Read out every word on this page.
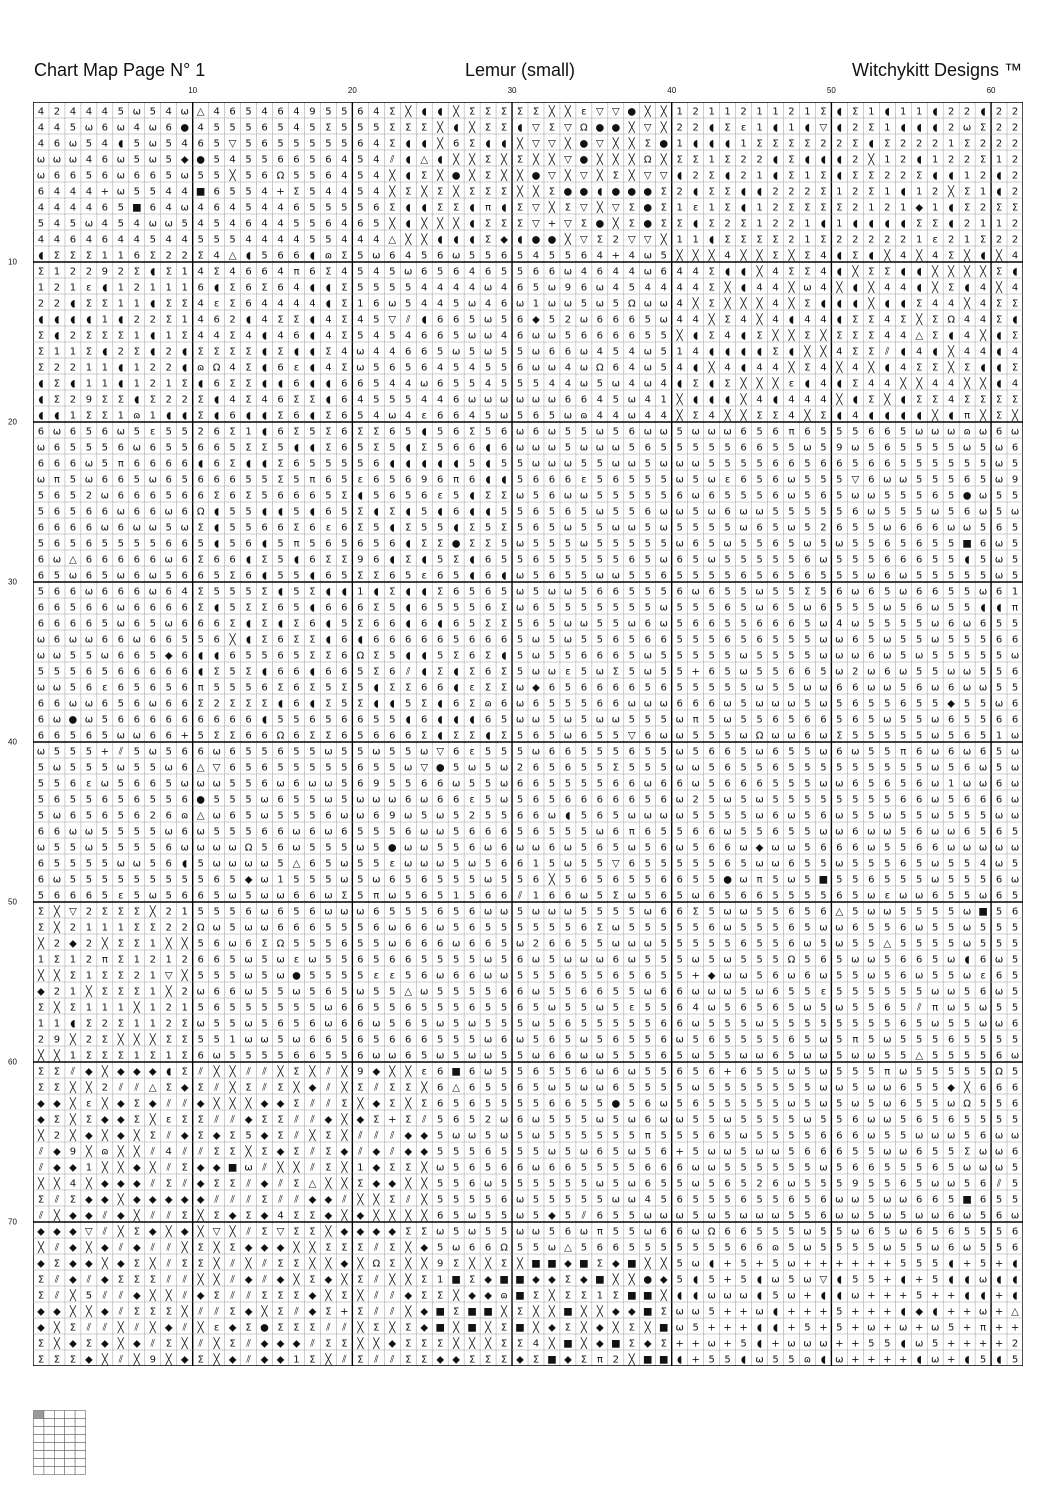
Chart Map Page N° 1	Lemur (small)	Witchykitt Designs ™
10	20	30	40	50	60
10
20
30
40
50
60
70
4 2 4 4 4 5 ω 5 4 ω △ 4 6 5 4 6 4 9 5 5 6 4 Σ ╳ ◖ ◖ ╳ Σ Σ Σ Σ Σ ╳ ╳ ɛ ▽ ▽ ● ╳ ╳ 1 2 1 1 2 1 1 2 1 Σ ◖ Σ 1 ◖ 1 1 ◖ 2 2 ◖ 2 2
4 4 5 ω 6 ω 4 ω 6 ● 4 5 5 5 6 5 4 5 Σ 5 5 5 Σ Σ Σ ╳ ◖ ╳ Σ Σ ◖ ▽ Σ ▽ Ω ● ● ╳ ▽ ╳ 2 2 ◖ Σ ε 1 ◖ 1 ◖ ▽ ◖ 2 Σ 1 ◖ ◖ ◖ 2 ω Σ 2 2
4 6 ω 5 4 ◖ 5 ω 5 4 6 5 ▽ 5 6 5 5 5 5 5 6 4 Σ ◖ ◖ ╳ 6 Σ ◖ ◖ ╳ ▽ ▽ ╳ ● ▽ ╳ ╳ Σ ● 1 ◖ ◖ ◖ 1 Σ Σ Σ Σ 2 2 Σ ◖ Σ 2 2 2 1 Σ 2 2 2
ω ω ω 4 6 ω 5 ω 5 ◆ ● 5 4 5 5 6 6 5 6 4 5 4 ⫽ ◖ △ ◖ ╳ ╳ Σ ╳ Σ ╳ ╳ ▽ ● ╳ ╳ ╳ Ω ╳ Σ Σ 1 Σ 2 2 ◖ Σ ◖ ◖ ◖ 2 ╳ 1 2 ◖ 1 2 2 Σ 1 2
ω 6 6 5 6 ω 6 6 5 ω 5 5 ╳ 5 6 Ω 5 5 6 4 5 4 ╳ ◖ Σ ╳ ● ╳ Σ ╳ ╳ ● ▽ ╳ ▽ ╳ Σ ╳ ▽ ▽ ◖ 2 Σ ◖ 2 1 ◖ Σ 1 Σ ◖ Σ Σ 2 2 Σ ◖ ◖ 1 2 ◖ 2
6 4 4 4 + ω 5 5 4 4 ■ 6 5 5 4 + Σ 5 4 4 5 4 ╳ Σ ╳ Σ ╳ Σ Σ Σ ╳ ╳ Σ ● ● ◖ ● ● ● Σ 2 ◖ Σ Σ ◖ ◖ 2 2 2 Σ 1 2 Σ 1 ◖ 1 2 ╳ Σ 1 ◖ 2
4 4 4 4 6 5 ■ 6 4 ω 4 6 4 5 4 4 6 5 5 5 5 6 Σ ◖ ◖ Σ Σ ◖ π ◖ Σ ▽ ╳ Σ ▽ ╳ ▽ Σ ● Σ 1 ɛ 1 Σ ◖ 1 2 Σ Σ Σ Σ 2 1 2 1 ◆ 1 ◖ Σ 2 Σ Σ
5 4 5 ω 4 5 4 ω ω 5 4 5 4 6 4 4 5 5 6 4 6 5 ╳ ◖ ╳ ╳ ╳ ◖ Σ Σ Σ ▽ + ▽ Σ ● ╳ Σ ● Σ Σ ◖ Σ 2 Σ 1 2 2 1 ◖ 1 ◖ ◖ ◖ ◖ Σ Σ ◖ 2 1 1 2
4 4 6 4 6 4 4 5 4 4 5 5 5 4 4 4 4 5 5 4 4 4 △ ╳ ╳ ◖ ◖ ◖ Σ ◆ ◖ ● ● ╳ ▽ Σ 2 ▽ ▽ ╳ 1 1 ◖ Σ Σ Σ Σ 2 1 Σ 2 2 2 2 2 1 ɛ 2 1 Σ 2 2
◖ Σ Σ Σ 1 1 6 Σ 2 2 Σ 4 △ ◖ 5 6 6 ◖ ɷ Σ 5 ω 6 4 5 6 ω 5 5 6 5 4 5 5 6 4 + 4 ω 5 ╳ ╳ ╳ 4 ╳ ╳ Σ ╳ Σ 4 ◖ Σ ◖ ╳ 4 ╳ 4 Σ ╳ ◖ ╳ 4
Σ 1 2 2 9 2 Σ ◖ Σ 1 4 Σ 4 6 6 4 π 6 Σ 4 5 4 5 ω 6 5 6 4 6 5 5 6 6 ω 4 6 4 4 ω 6 4 4 Σ ◖ ◖ ╳ 4 Σ Σ 4 ◖ ╳ Σ Σ ◖ ◖ ╳ ╳ ╳ ╳ Σ ◖
1 2 1 ɛ ◖ 1 2 1 1 1 6 ◖ Σ 6 Σ 6 4 ◖ ◖ Σ 5 5 5 5 4 4 4 4 ω 4 6 5 ω 9 6 ω 4 5 4 4 4 4 Σ ╳ ◖ 4 4 ╳ ω 4 ╳ ◖ ╳ 4 4 ◖ ╳ Σ ◖ 4 ╳ 4
2 2 ◖ Σ Σ 1 1 ◖ Σ Σ 4 ε Σ 6 4 4 4 4 ◖ Σ 1 6 ω 5 4 4 5 ω 4 6 ω 1 ω ω 5 ω 5 Ω ω ω 4 ╳ Σ ╳ ╳ ╳ 4 ╳ Σ ◖ ◖ ◖ ╳ ◖ ◖ Σ 4 4 ╳ 4 Σ Σ
◖ ◖ ◖ ◖ 1 ◖ 2 2 Σ 1 4 6 2 ◖ 4 Σ Σ ◖ 4 Σ 4 5 ▽ ⫽ ◖ 6 6 5 ω 5 6 ◆ 5 2 ω 6 6 6 5 ω 4 4 ╳ Σ 4 ╳ 4 ◖ 4 4 ◖ Σ Σ 4 Σ ╳ Σ Ω 4 4 Σ ◖
Σ ◖ 2 Σ Σ Σ 1 ◖ 1 Σ 4 4 Σ 4 ◖ 4 6 ◖ 4 Σ 5 4 5 4 6 6 5 ω ω 4 6 ω ω 5 6 6 6 6 5 5 ╳ ◖ Σ 4 ◖ Σ ╳ ╳ Σ ╳ Σ Σ Σ 4 4 △ Σ ◖ 4 ╳ ◖ Σ
Σ 1 1 Σ ◖ 2 Σ ◖ 2 ◖ Σ Σ Σ Σ ◖ Σ ◖ ◖ Σ 4 ω 4 4 6 6 5 ω 5 ω 5 5 ω 6 6 ω 4 5 4 ω 5 1 4 ◖ ◖ ◖ ◖ Σ ◖ ╳ ╳ 4 Σ Σ ⫽ ◖ 4 ◖ ╳ 4 4 ◖ 4
Σ 2 2 1 1 ◖ 1 2 2 ◖ ɷ Ω 4 Σ ◖ 6 ɛ ◖ 4 Σ ω 5 6 5 6 4 5 4 5 5 6 ω ω 4 ω Ω 6 4 ω 5 4 ◖ ╳ 4 ◖ 4 4 ╳ Σ 4 ╳ 4 ╳ ◖ 4 Σ Σ ╳ Σ ◖ ◖ Σ
◖ Σ ◖ 1 1 ◖ 1 2 1 Σ ◖ 6 Σ Σ ◖ ◖ 6 ◖ ◖ 6 6 5 4 4 ω 6 5 5 4 5 5 5 4 4 ω 5 ω 4 ω 4 ◖ Σ ◖ Σ ╳ ╳ ╳ ɛ ◖ 4 ◖ Σ 4 4 ╳ ╳ 4 4 ╳ ╳ ◖ 4
◖ Σ 2 9 Σ Σ ◖ Σ 2 2 Σ ◖ 4 Σ 4 6 Σ Σ ◖ 6 4 5 5 5 4 4 6 ω ω ω ω ω ω 6 6 4 5 ω 4 1 ╳ ◖ ◖ ◖ ╳ 4 ◖ 4 4 4 ╳ ◖ Σ ╳ ◖ Σ Σ 4 Σ Σ Σ Σ
◖ ◖ 1 Σ Σ 1 ɷ 1 ◖ ◖ Σ ◖ 6 ◖ ◖ Σ 6 ◖ Σ 6 5 4 ω 4 ε 6 6 4 5 ω 5 6 5 ω ɷ 4 4 ω 4 4 ╳ Σ 4 ╳ ╳ Σ Σ 4 ╳ Σ ◖ 4 ◖ ◖ ◖ ◖ ╳ ◖ π ╳ Σ ╳
6 ω 6 5 6 ω 5 ɛ 5 5 2 6 Σ 1 ◖ 6 Σ 5 Σ 6 Σ Σ 6 5 ◖ 5 6 Σ 5 6 ω 6 ω 5 5 ω 5 6 ω ω 5 ω ω ω 6 5 6 π 6 5 5 5 6 6 5 ω ω ω ɷ ω 6 ω
ω 6 5 5 5 6 ω 6 5 5 6 6 5 Σ Σ 5 ◖ ◖ Σ 6 5 Σ 5 ◖ Σ 5 6 6 ◖ 6 ω ω ω 5 ω ω ω 5 6 5 5 5 5 5 6 6 5 5 ω 5 9 ω 5 6 5 5 5 5 ω 5 ω 6
6 6 6 ω 5 π 6 6 6 6 ◖ 6 Σ ◖ ◖ Σ 6 5 5 5 5 6 ◖ ◖ ◖ ◖ ◖ 5 ◖ 5 5 ω ω ω 5 5 ω ω 5 ω ω ω 5 5 5 5 6 6 5 6 6 5 6 6 5 5 5 5 5 5 ω 5
ω π 5 ω 6 6 5 ω 6 5 6 6 6 5 5 Σ 5 π 6 5 ε 6 5 6 9 6 π 6 ◖ ◖ 5 6 6 6 ɛ 5 6 5 5 5 ω 5 ω ε 6 5 6 ω 5 5 5 ▽ 6 ω ω 5 5 5 6 5 ω 9
5 6 5 2 ω 6 6 6 5 6 6 Σ 6 Σ 5 6 6 6 5 Σ ◖ 5 6 5 6 ε 5 ◖ Σ Σ ω 5 6 ω ω 5 5 5 5 5 6 ω 6 5 5 5 6 ω 5 6 5 ω ω 5 5 5 6 5 ● ω 5 5
5 6 5 6 6 ω 6 6 ω 6 Ω ◖ 5 5 ◖ ◖ 5 ◖ 6 5 Σ ◖ Σ ◖ 5 ◖ 6 ◖ ◖ 5 5 6 5 6 5 ω 5 5 6 ω ω 5 ω 6 ω ω 5 5 5 5 5 6 ω 5 5 5 ω 5 6 ω 5 ω
6 6 6 6 ω 6 ω ω 5 ω Σ ◖ 5 5 6 6 Σ 6 ε 6 Σ 5 ◖ Σ 5 5 ◖ Σ 5 Σ 5 6 5 ω 5 5 ω ω 5 ω 5 5 5 5 ω 6 5 ω 5 2 6 5 5 ω 6 6 6 ω ω 5 6 5
5 6 5 6 5 5 5 5 6 6 5 ◖ 5 6 ◖ 5 π 5 6 5 6 5 6 ◖ Σ Σ ● Σ Σ 5 ω 5 5 5 ω 5 5 5 5 5 ω 6 5 ω 5 5 6 5 ω 5 ω 5 5 6 5 6 5 5 ■ 6 ω 5
6 ω △ 6 6 6 6 6 ω 6 Σ 6 6 ◖ Σ 5 ◖ 6 Σ Σ 9 6 ◖ Σ ◖ 5 Σ ◖ 6 5 5 6 5 5 5 5 5 6 5 ω 6 5 ω 5 5 5 5 5 6 ω 5 5 5 6 6 6 5 5 ◖ 5 ω 5
6 5 ω 6 5 ω 6 ω 5 6 6 5 Σ 6 ◖ 5 5 ◖ 6 5 Σ Σ 6 5 ε 6 5 ◖ 6 ◖ ω 5 6 5 5 ω ω 5 5 6 5 5 5 5 6 5 6 5 6 5 5 5 ω 6 ω 5 5 5 5 5 ω 5
5 6 6 ω 6 6 6 ω 6 4 Σ 5 5 5 Σ ◖ 5 Σ ◖ ◖ 1 ◖ Σ ◖ ◖ Σ 6 5 6 5 ω 5 ω ω 5 6 6 5 5 5 6 ω 6 5 5 ω 5 5 Σ 5 6 ω 6 5 ω 6 6 5 5 ω 6 1
6 6 5 6 6 ω 6 6 6 6 Σ ◖ 5 Σ Σ 6 5 ◖ 6 6 6 Σ 5 ◖ 6 5 5 5 6 Σ ω 6 5 5 5 5 5 5 5 ω 5 5 5 6 5 ω 6 5 ω 6 5 5 5 ω 5 6 ω 5 5 ◖ ◖ π
6 6 6 6 5 ω 6 5 ω 6 6 6 Σ ◖ Σ ◖ Σ 6 ◖ 5 Σ 6 6 ◖ 6 ◖ 6 5 Σ Σ 5 6 5 ω ω 5 5 ω 6 ω 5 6 6 5 5 6 6 6 5 ω 4 ω 5 5 5 5 ω 6 ω 6 5 5
ω 6 ω ω 6 6 ω 6 6 5 5 6 ╳ ◖ Σ 6 Σ Σ ◖ 6 ◖ 6 6 6 6 6 5 6 6 6 5 ω 5 ω 5 5 6 5 6 6 5 5 5 6 5 6 5 5 5 ω ω 6 5 ω 5 5 ω 5 5 5 6 6
ω ω 5 5 ω 6 6 5 ◆ 6 ◖ ◖ 6 5 5 6 5 Σ Σ 6 Ω Σ 5 ◖ ◖ 5 Σ 6 Σ ◖ 5 ω 5 5 6 6 6 5 ω 5 5 5 5 5 ω 5 5 5 5 ω ω ω 6 ω 5 ω 5 5 5 5 5 ω
5 5 5 6 5 6 6 6 6 6 ◖ Σ 5 Σ ◖ 6 6 ◖ 6 6 5 Σ 6 ⫽ ◖ Σ ◖ Σ 6 Σ 5 ω ω ε 5 ω Σ 5 ω 5 5 + 6 5 ω 5 5 6 6 5 ω 2 ω 6 ω 5 5 ω ω 5 5 6
ω ω 5 6 ɛ 6 5 6 5 6 π 5 5 5 6 Σ 6 Σ 5 Σ 5 ◖ Σ Σ 6 6 ◖ ε Σ Σ ω ◆ 6 5 6 6 6 6 5 6 5 5 5 5 5 ω 5 5 ω ω 6 6 ω ω 5 6 ω 6 ω ω 5 5
6 6 ω ω 6 5 6 ω 6 6 Σ 2 Σ Σ Σ ◖ 6 ◖ Σ 5 Σ ◖ ◖ 5 Σ ◖ 6 Σ ɷ 6 ω 6 5 5 5 6 6 ω ω ω 6 6 6 ω 5 ω ω ω 5 ω 5 6 5 5 6 5 5 ◆ 5 5 ω 6
6 ω ● ω 5 6 6 6 6 6 6 6 6 6 ◖ 5 5 6 5 6 6 5 5 ◖ 6 ◖ ◖ ◖ 6 5 ω ω 5 ω 5 ω ω 5 5 5 ω π 5 ω 5 5 6 5 6 6 5 6 5 ω 5 5 ω 6 5 5 6 6
6 6 5 6 5 ω ω 6 6 + 5 Σ Σ 6 6 Ω 6 Σ Σ 6 5 6 6 6 Σ ◖ Σ Σ ◖ Σ 5 6 5 ω 6 5 5 ▽ 6 ω ω 5 5 5 ω Ω ω ω 6 ω Σ 5 5 5 5 5 ω 5 6 5 1 ω
ω 5 5 5 + ⫽ 5 ω 5 6 6 ω 6 5 5 6 5 5 ω 5 5 ω 5 5 ω ▽ 6 ε 5 5 5 ω 6 6 5 5 5 6 5 5 ω 5 6 6 5 ω 6 5 5 ω 6 ω 5 5 π 6 ω 6 ω 6 5 ω
5 ω 5 5 5 ω 5 5 ω 6 △ ▽ 6 5 6 5 5 5 5 5 6 5 5 ω ▽ ● 5 ω 5 ω 2 6 5 6 5 5 Σ 5 5 5 ω ω 5 6 5 5 6 5 5 5 5 5 5 5 5 5 ω 5 6 ω 5 ω
5 5 6 ε ω 5 6 6 5 ω ω ω 5 5 6 ω 6 ω ω 5 6 9 5 5 6 6 ω 5 5 ω 6 6 5 5 5 5 6 6 ω 6 6 ω 5 6 6 6 5 5 5 ω ω 6 5 6 5 6 ω 1 ω ω 6 ω
5 6 5 5 6 5 6 5 5 6 ● 5 5 5 ω 6 5 5 ω 5 ω ω ω 6 ω 6 6 ɛ 5 ω 5 6 5 6 6 6 6 6 5 6 ω 2 5 ω 5 ω 5 5 5 5 5 5 5 5 6 6 ω 5 6 6 6 ω
5 ω 6 5 6 5 6 2 6 ɷ △ ω 6 5 ω 5 5 5 6 ω ω 6 9 ω 5 ω 5 2 5 5 6 6 ω ◖ 5 6 5 ω ω ω ω 5 5 5 5 ω 6 ω 5 6 ω 5 5 ω 5 5 ω 5 5 5 ω ω
6 6 ω ω 5 5 5 5 ω 6 ω 5 5 5 6 6 ω 6 ω 6 5 5 5 6 ω ω 5 6 6 6 5 6 5 5 5 ω 6 π 6 5 5 6 6 ω 5 5 6 5 5 ω ω 6 ω ω 5 6 ω ω 6 5 6 5
ω 5 5 ω 5 5 5 5 6 ω ω ω ω Ω 5 6 ω 5 5 5 ω 5 ● ω ω 5 5 6 ω 6 ω ω 6 ω 5 6 5 ω 5 6 ω 5 6 6 ω ◆ ω ω 5 6 6 6 ω 5 5 6 6 ω ω ω ω ω
6 5 5 5 5 ω ω 5 6 ◖ 5 ω ω ω ω 5 △ 6 5 ω 5 5 ε ω ω ω 5 ω 5 6 6 1 5 ω 5 5 ▽ 6 5 5 5 5 5 6 5 ω ω 6 5 5 ω 5 5 5 6 5 ω 5 5 4 ω 5
6 ω 5 5 5 5 5 5 5 5 5 6 5 ◆ ω 1 5 5 5 ω 5 ω 6 5 6 5 5 5 ω 5 5 6 ╳ 5 6 5 6 5 5 6 6 5 5 ● ω π 5 ω 5 ■ 5 5 6 5 5 5 ω 5 5 5 6 ω
5 6 6 6 5 ε 5 ω 5 6 6 5 ω 5 ω ω 6 6 ω Σ 5 π ω 5 6 5 1 5 6 6 ⫽ 1 6 6 ω 5 Σ ω 5 6 5 ω 6 5 6 6 5 5 5 5 6 5 ω ε ω ω 6 5 5 ω 6 5
Σ ╳ ▽ 2 Σ Σ Σ ╳ 2 1 5 5 5 6 ω 6 5 6 ω ω ω 6 5 5 5 6 5 6 ω ω 5 ω ω ω 5 5 5 5 ω 6 6 Σ 5 ω ω 5 5 6 5 6 △ 5 ω ω 5 5 5 5 ω ■ 5 6
Σ ╳ 2 1 1 1 Σ Σ 2 2 Ω ω 5 ω ω 6 6 6 5 5 5 6 ω 6 6 ω 5 6 5 5 5 5 5 5 6 Σ ω 5 5 5 5 5 6 ω 5 5 5 6 5 ω ω 6 5 5 6 ω 5 5 ω 5 5 5
╳ 2 ◆ 2 ╳ Σ Σ 1 ╳ ╳ 5 6 ω 6 Σ Ω 5 5 5 6 5 5 ω 6 6 6 ω 6 6 5 ω 2 6 6 5 5 ω ω ω 5 5 5 5 5 6 5 5 6 ω 5 ω 5 5 △ 5 5 5 5 ω 5 5 5
1 Σ 1 2 π Σ 1 2 1 2 6 6 5 ω 5 ω ε ω 5 5 6 5 6 6 5 5 5 5 ω 5 6 ω 5 ω ω ω 6 ω 5 5 5 ω 5 ω 5 5 5 Ω 5 6 5 ω ω 5 6 6 5 ω ◖ 6 ω 5
╳ ╳ Σ 1 Σ Σ 2 1 ▽ ╳ 5 5 5 ω 5 ω ● 5 5 5 5 ε ɛ 5 6 ω 6 6 ω ω 5 5 5 6 5 5 6 5 6 5 5 + ◆ ω ω 5 6 ω 6 ω 5 5 ω 5 6 ω 5 5 ω ɛ 6 5
◆ 2 1 ╳ Σ Σ Σ 1 ╳ 2 ω 6 6 ω 5 5 ω 5 6 5 ω 5 5 △ ω 5 5 5 5 6 6 ω 5 5 6 6 5 5 ω 6 6 ω ω ω 5 ω 6 5 5 ɛ 5 5 5 5 5 5 ω ω 5 6 ω 5
Σ ╳ Σ 1 1 1 ╳ 1 2 1 5 6 5 5 5 5 5 5 ω 6 6 5 5 6 5 5 5 6 5 5 6 5 ω 5 5 ω 5 ɛ 5 5 6 4 ω 5 6 5 6 5 ω 5 ω 5 5 6 5 ⫽ π ω 5 ω 5 5
1 1 ◖ Σ 2 Σ 1 1 2 Σ ω 5 5 ω 5 6 5 6 ω 6 6 ω 5 6 5 ω 5 ω 5 5 5 ω 5 6 5 5 5 5 5 6 6 ω 5 5 5 ω 5 5 5 5 5 5 5 5 6 5 ω 5 5 ω ω 6
2 9 ╳ 2 Σ ╳ ╳ ╳ Σ Σ 5 5 1 ω ω 5 ω 6 6 5 6 5 6 6 6 5 5 5 ω 6 ω 5 6 5 ω 5 6 5 5 6 ω 5 6 5 5 5 5 6 5 ω 5 π 5 ω 5 5 5 6 5 5 5 5
╳ ╳ 1 Σ Σ Σ 1 Σ 1 Σ 6 ω 5 5 5 5 6 6 5 5 6 ω ω 6 5 ω 5 ω ω 5 5 ω 6 6 ω ω 5 5 5 6 5 ω 5 5 ω ω 6 5 ω ω 5 ω ω 5 5 △ 5 5 5 5 6 ω
Σ Σ ⫽ ◆ ╳ ◆ ◆ ◆ ◖ Σ ⫽ ╳ ╳ ⫽ ⫽ ╳ Σ ╳ ⫽ ╳ 9 ◆ ╳ ╳ ε 6 ■ 6 ω 5 5 6 5 5 6 ω 6 ω 5 5 6 5 6 + 6 5 5 ω 5 ω 5 5 5 π ω 5 5 5 5 5 Ω 5
Σ Σ ╳ ╳ 2 ⫽ ⫽ △ Σ ◆ Σ ⫽ ╳ Σ ⫽ Σ ╳ ◆ ⫽ ╳ Σ ⫽ Σ Σ ╳ 6 △ 6 5 5 6 5 ω 5 ω ω 6 5 5 5 5 ω 5 5 5 5 5 5 5 ω ω 5 ω ω 6 5 5 ◆ ╳ 6 6 6
◆ ◆ ╳ ε ╳ ◆ Σ ◆ ⫽ ⫽ ◆ ╳ ╳ ╳ ◆ ◆ Σ ⫽ ⫽ Σ ╳ ◆ Σ ╳ Σ 6 5 6 5 5 5 5 6 6 5 5 ● 5 6 ω 5 6 5 5 5 5 5 ω 5 ω 5 ω 5 ω 6 5 5 ω Ω 5 5 6
◆ Σ ╳ Σ ◆ ◆ Σ ╳ ɛ Σ Σ ⫽ ⫽ ◆ Σ Σ ⫽ ⫽ ◆ ╳ ◆ Σ + Σ ⫽ 5 6 5 2 ω 6 ω 5 5 5 ω 5 ω 6 ω ω 5 5 ω 5 5 5 5 ω 5 5 6 ω ω 5 6 5 6 5 5 5 5
╳ 2 ╳ ◆ ╳ ◆ ╳ Σ ⫽ ◆ Σ ◆ Σ 5 ◆ Σ ⫽ ╳ Σ ╳ ⫽ ⫽ ⫽ ◆ ◆ 5 ω ω 5 ω 5 ω 5 5 5 5 5 5 π 5 5 5 6 5 ω 5 5 5 5 6 6 6 ω 5 5 ω ω ω 5 6 ω ω
⫽ ◆ 9 ╳ ɷ ╳ ╳ ⫽ 4 ⫽ ⫽ Σ Σ ╳ Σ ◆ Σ ⫽ Σ ◆ ⫽ ◆ ⫽ ◆ ◆ 5 5 5 6 5 5 5 ω 5 ω 6 5 ω 5 6 + 5 ω ω 5 ω ω 5 6 6 6 5 5 ω ω 6 5 5 Σ ω ω 6
⫽ ◆ ◆ 1 ╳ ╳ ◆ ╳ ⫽ Σ ◆ ◆ ■ ω ⫽ ╳ ╳ ⫽ Σ ╳ 1 ◆ Σ Σ ╳ ω 5 6 5 6 6 ω 6 6 5 5 5 5 6 6 6 ω ω 5 5 5 5 5 5 ω 5 6 6 5 5 5 6 5 ω ω ω 5
╳ ╳ 4 ╳ ◆ ◆ ◆ ⫽ Σ ⫽ ◆ Σ Σ ⫽ ◆ ⫽ Σ △ ╳ ╳ Σ ◆ ◆ ╳ ╳ 5 5 6 ω 5 5 5 5 5 5 ω 5 ω 6 5 5 ω 5 6 5 2 6 ω 5 5 5 9 5 5 6 5 ω ω 5 6 ⫽ 5
Σ ⫽ Σ ◆ ◆ ╳ ◆ ◆ ◆ ◆ ◆ ⫽ ⫽ ⫽ Σ ⫽ ⫽ ◆ ◆ ⫽ ╳ ╳ Σ ⫽ ╳ 5 5 5 5 6 ω 5 5 5 5 5 ω ω 4 5 6 5 5 5 6 5 5 6 5 6 ω ω 5 ω ω 6 6 5 ■ 6 5 5
⫽ ╳ ◆ ◆ ⫽ ◆ ╳ ⫽ ⫽ Σ ╳ Σ ◆ Σ ◆ 4 Σ Σ ◆ ╳ ◆ ╳ ╳ ╳ ╳ 6 5 ω 5 5 ω 5 ◆ 5 ⫽ 6 5 5 ω ω ω 5 ω 5 ω ω ω 5 5 6 ω ω 5 ω 5 ω ω 6 ω 5 6 ω
◆ ◆ ◆ ▽ ⫽ ╳ Σ ◆ ╳ ◆ ╳ ▽ ╳ ⫽ Σ ▽ Σ Σ ╳ ◆ ◆ ◆ ◆ Σ Σ ω 5 ω 5 5 ω ω 5 6 ω π 5 5 ω 6 6 ω Ω 6 6 5 5 5 ω 5 5 ω 6 5 ω 6 5 6 5 5 5 6
╳ ⫽ ◆ ╳ ◆ ⫽ ◆ ⫽ ⫽ ╳ Σ ╳ Σ ◆ ◆ ◆ ╳ ╳ Σ Σ Σ ⫽ Σ ╳ ◆ 5 ω 6 6 Ω 5 5 ω △ 5 6 6 5 5 5 5 5 5 5 6 6 ɷ 5 ω 5 5 5 5 ω 5 5 ω 6 ω 5 5 6
◆ Σ ◆ ◆ ╳ ◆ Σ ╳ ⫽ Σ Σ ╳ ⫽ ╳ ⫽ Σ Σ ╳ ╳ ◆ ╳ Ω Σ ╳ ╳ 9 Σ ╳ ╳ Σ ╳ ■ ■ ◆ ■ Σ ◆ ■ ╳ ╳ 5 ω ◖ + 5 + 5 ω + + + + + + 5 5 5 ◖ + 5 + ◖
Σ ⫽ ◆ ⫽ ◆ Σ Σ Σ ⫽ ⫽ ╳ ╳ ⫽ ◆ ⫽ ◆ ╳ Σ ◆ ╳ Σ ⫽ ╳ ╳ Σ 1 ■ Σ ◆ ■ ■ ◆ ◆ Σ ◆ ■ ╳ ╳ ● ◆ 5 ◖ 5 + 5 ◖ ω 5 ω ▽ ◖ 5 5 + ◖ + 5 ◖ ◖ ω ◖ ◖
Σ ⫽ ╳ 5 ⫽ ⫽ ◆ ╳ ╳ ⫽ ◆ Σ ⫽ ⫽ Σ Σ Σ ◆ ╳ Σ ╳ ⫽ ⫽ ◆ Σ Σ ╳ ◆ ◆ ɷ ■ Σ ╳ Σ Σ 1 Σ ■ ■ ╳ ◖ ◖ ω ω ω ◖ 5 ω + ◖ ◖ ω + + + 5 + + ◖ ◖ + ◖
◆ ◆ ╳ ╳ ◆ ⫽ Σ Σ Σ ╳ ⫽ ⫽ Σ ◆ ╳ Σ ⫽ ◆ Σ + Σ ⫽ ⫽ ╳ ◆ ■ Σ ■ ■ ╳ Σ ╳ ╳ ■ ╳ ╳ ◆ ◆ ■ Σ ω ω 5 + + ω ◖ + + + 5 + + + ◖ ◆ ◖ + + ω + △
◆ ╳ Σ ⫽ ⫽ ╳ ⫽ ╳ ◆ ⫽ ╳ ɛ ◆ Σ ● Σ Σ Σ ⫽ ⫽ ╳ Σ ╳ Σ ◆ ■ ╳ ■ ╳ Σ ■ ╳ ◆ Σ ╳ ◆ ╳ Σ ╳ ■ ω 5 + + + ◖ ◖ + 5 + 5 + ω + ω + ω 5 + π + +
Σ ╳ ◆ Σ ◆ ╳ ◆ ⫽ Σ ╳ ⫽ ╳ Σ ⫽ ◆ ◆ ◆ ⫽ Σ Σ ╳ ╳ ◆ Σ Σ Σ ╳ ╳ ╳ Σ Σ 4 ╳ ■ ╳ ◆ ■ Σ ◆ Σ + + ω + 5 ◖ + ω ω ω + + 5 5 ◖ ω 5 + + + + 2
Σ Σ Σ ◆ ╳ ⫽ ╳ 9 ╳ ◆ Σ ╳ ◆ ⫽ ◆ ◆ 1 Σ ╳ ⫽ Σ ⫽ ⫽ Σ Σ ◆ ◆ Σ Σ Σ ◆ Σ ■ ◆ Σ π 2 ╳ ■ ■ ◖ + 5 5 ◖ ω 5 5 ɷ ◖ ω + + + + ◖ ω + ◖ 5 ◖ 5
